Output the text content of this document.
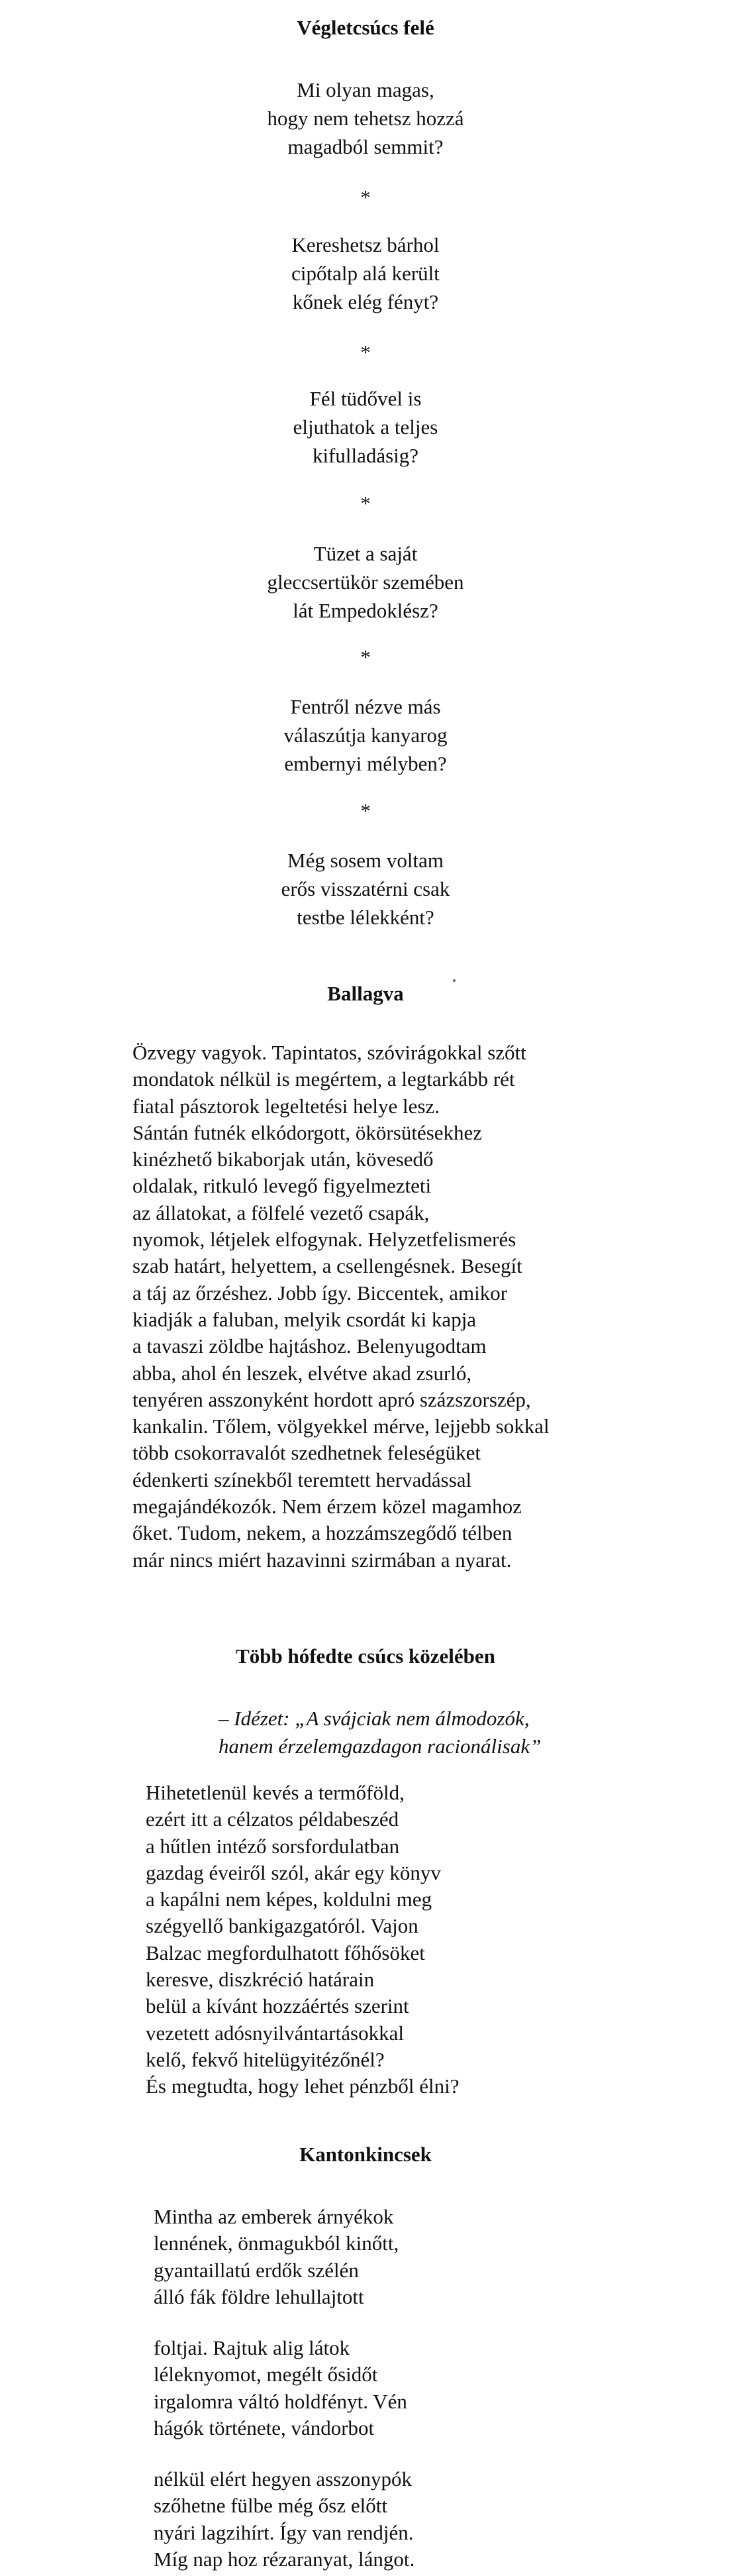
Végletcsúcs felé
Mi olyan magas,
hogy nem tehetsz hozzá
magadból semmit?
*
Kereshetsz bárhol
cipőtalp alá került
kőnek elég fényt?
*
Fél tüdővel is
eljuthatok a teljes
kifulladásig?
*
Tüzet a saját
gleccsertükör szemében
lát Empedoklész?
*
Fentről nézve más
válaszútja kanyarog
embernyi mélyben?
*
Még sosem voltam
erős visszatérni csak
testbe lélekként?
Ballagva
Özvegy vagyok. Tapintatos, szóvirágokkal szőtt
mondatok nélkül is megértem, a legtarkább rét
fiatal pásztorok legeltetési helye lesz.
Sántán futnék elkódorgott, ökörsütésekhez
kinézhető bikaborjak után, kövesedő
oldalak, ritkuló levegő figyelmezteti
az állatokat, a fölfelé vezető csapák,
nyomok, létjelek elfogynak. Helyzetfelismerés
szab határt, helyettem, a csellengésnek. Besegít
a táj az őrzéshez. Jobb így. Biccentek, amikor
kiadják a faluban, melyik csordát ki kapja
a tavaszi zöldbe hajtáshoz. Belenyugodtam
abba, ahol én leszek, elvétve akad zsurló,
tenyéren asszonyként hordott apró százszorszép,
kankalin. Tőlem, völgyekkel mérve, lejjebb sokkal
több csokorravalót szedhetnek feleségüket
édenkerti színekből teremtett hervadással
megajándékozók. Nem érzem közel magamhoz
őket. Tudom, nekem, a hozzámszegődő télben
már nincs miért hazavinni szirmában a nyarat.
Több hófedte csúcs közelében
– Idézet: „A svájciak nem álmodozók,
hanem érzelemgazdagon racionálisak”
Hihetetlenül kevés a termőföld,
ezért itt a célzatos példabeszéd
a hűtlen intéző sorsfordulatban
gazdag éveiről szól, akár egy könyv
a kapálni nem képes, koldulni meg
szégyellő bankigazgatóról. Vajon
Balzac megfordulhatott főhősöket
keresve, diszkréció határain
belül a kívánt hozzáértés szerint
vezetett adósnyilvántartásokkal
kelő, fekvő hitelügyitézőnél?
És megtudta, hogy lehet pénzből élni?
Kantonkincsek
Mintha az emberek árnyékok
lennének, önmagukból kinőtt,
gyantaillatú erdők szélén
álló fák földre lehullajtott
foltjai. Rajtuk alig látok
léleknyomot, megélt ősidőt
irgalomra váltó holdfényt. Vén
hágók története, vándorbot
nélkül elért hegyen asszonypók
szőhetne fülbe még ősz előtt
nyári lagzihírt. Így van rendjén.
Míg nap hoz rézaranyat, lángot.
